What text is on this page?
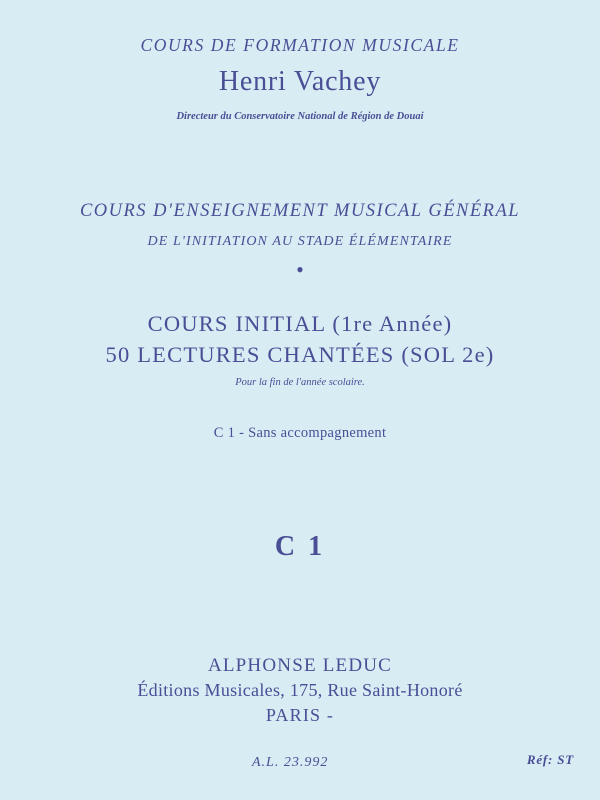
COURS DE FORMATION MUSICALE
Henri Vachey
Directeur du Conservatoire National de Région de Douai
COURS D'ENSEIGNEMENT MUSICAL GÉNÉRAL
DE L'INITIATION AU STADE ÉLÉMENTAIRE
•
COURS INITIAL (1re Année)
50 LECTURES CHANTÉES (SOL 2e)
Pour la fin de l'année scolaire.
C 1 - Sans accompagnement
C 1
ALPHONSE LEDUC
Éditions Musicales, 175, Rue Saint-Honoré
PARIS -
A.L. 23.992	Réf: ST
